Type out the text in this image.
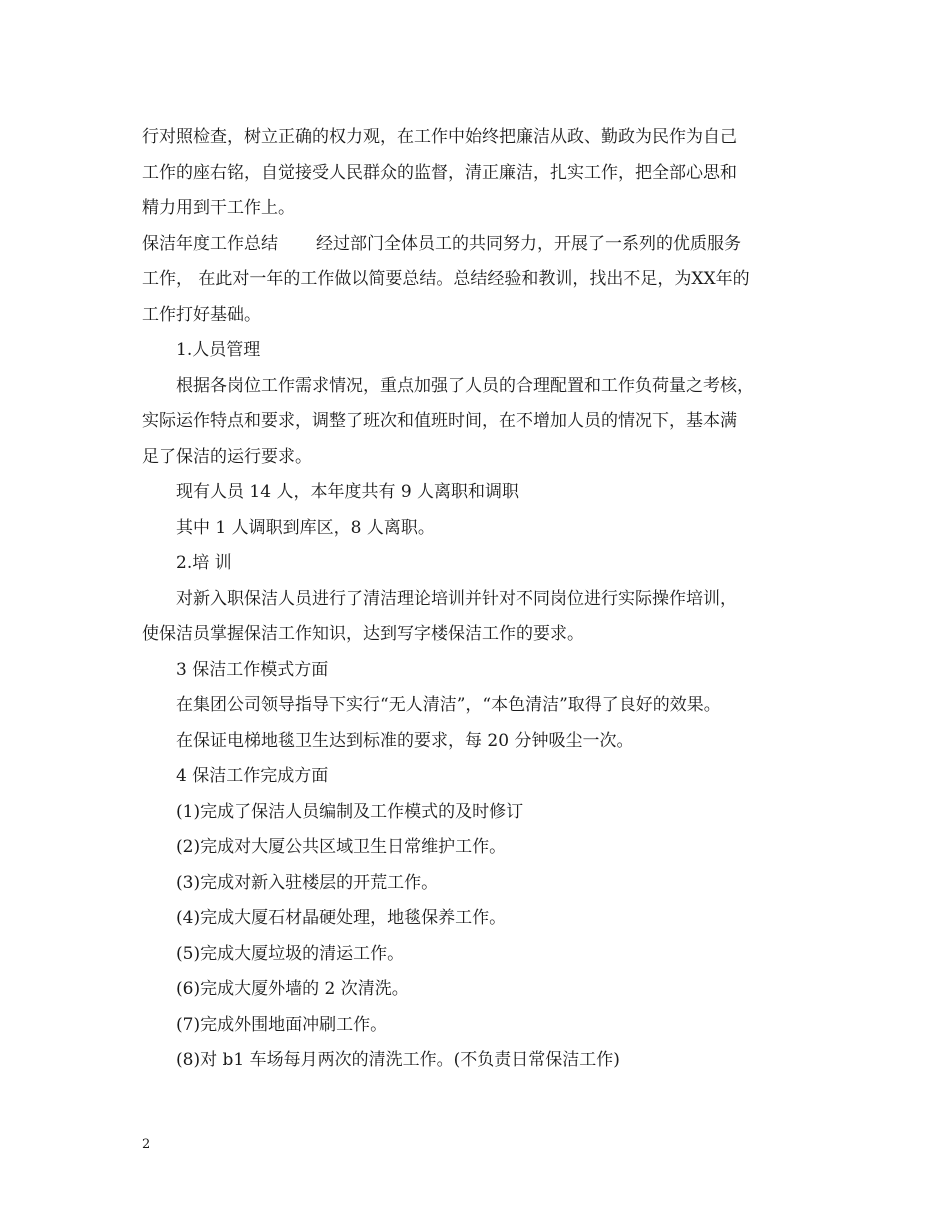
行对照检查，树立正确的权力观，在工作中始终把廉洁从政、勤政为民作为自己
工作的座右铭，自觉接受人民群众的监督，清正廉洁，扎实工作，把全部心思和
精力用到干工作上。
保洁年度工作总结 经过部门全体员工的共同努力，开展了一系列的优质服务
工作， 在此对一年的工作做以简要总结。总结经验和教训，找出不足，为XX年的
工作打好基础。
1.人员管理
根据各岗位工作需求情况，重点加强了人员的合理配置和工作负荷量之考核，
实际运作特点和要求，调整了班次和值班时间，在不增加人员的情况下，基本满
足了保洁的运行要求。
现有人员 14 人，本年度共有 9 人离职和调职
其中 1 人调职到库区，8 人离职。
2.培 训
对新入职保洁人员进行了清洁理论培训并针对不同岗位进行实际操作培训，
使保洁员掌握保洁工作知识，达到写字楼保洁工作的要求。
3 保洁工作模式方面
在集团公司领导指导下实行“无人清洁”，“本色清洁”取得了良好的效果。
在保证电梯地毯卫生达到标准的要求，每 20 分钟吸尘一次。
4 保洁工作完成方面
(1)完成了保洁人员编制及工作模式的及时修订
(2)完成对大厦公共区域卫生日常维护工作。
(3)完成对新入驻楼层的开荒工作。
(4)完成大厦石材晶硬处理，地毯保养工作。
(5)完成大厦垃圾的清运工作。
(6)完成大厦外墙的 2 次清洗。
(7)完成外围地面冲刷工作。
(8)对 b1 车场每月两次的清洗工作。(不负责日常保洁工作)
2
